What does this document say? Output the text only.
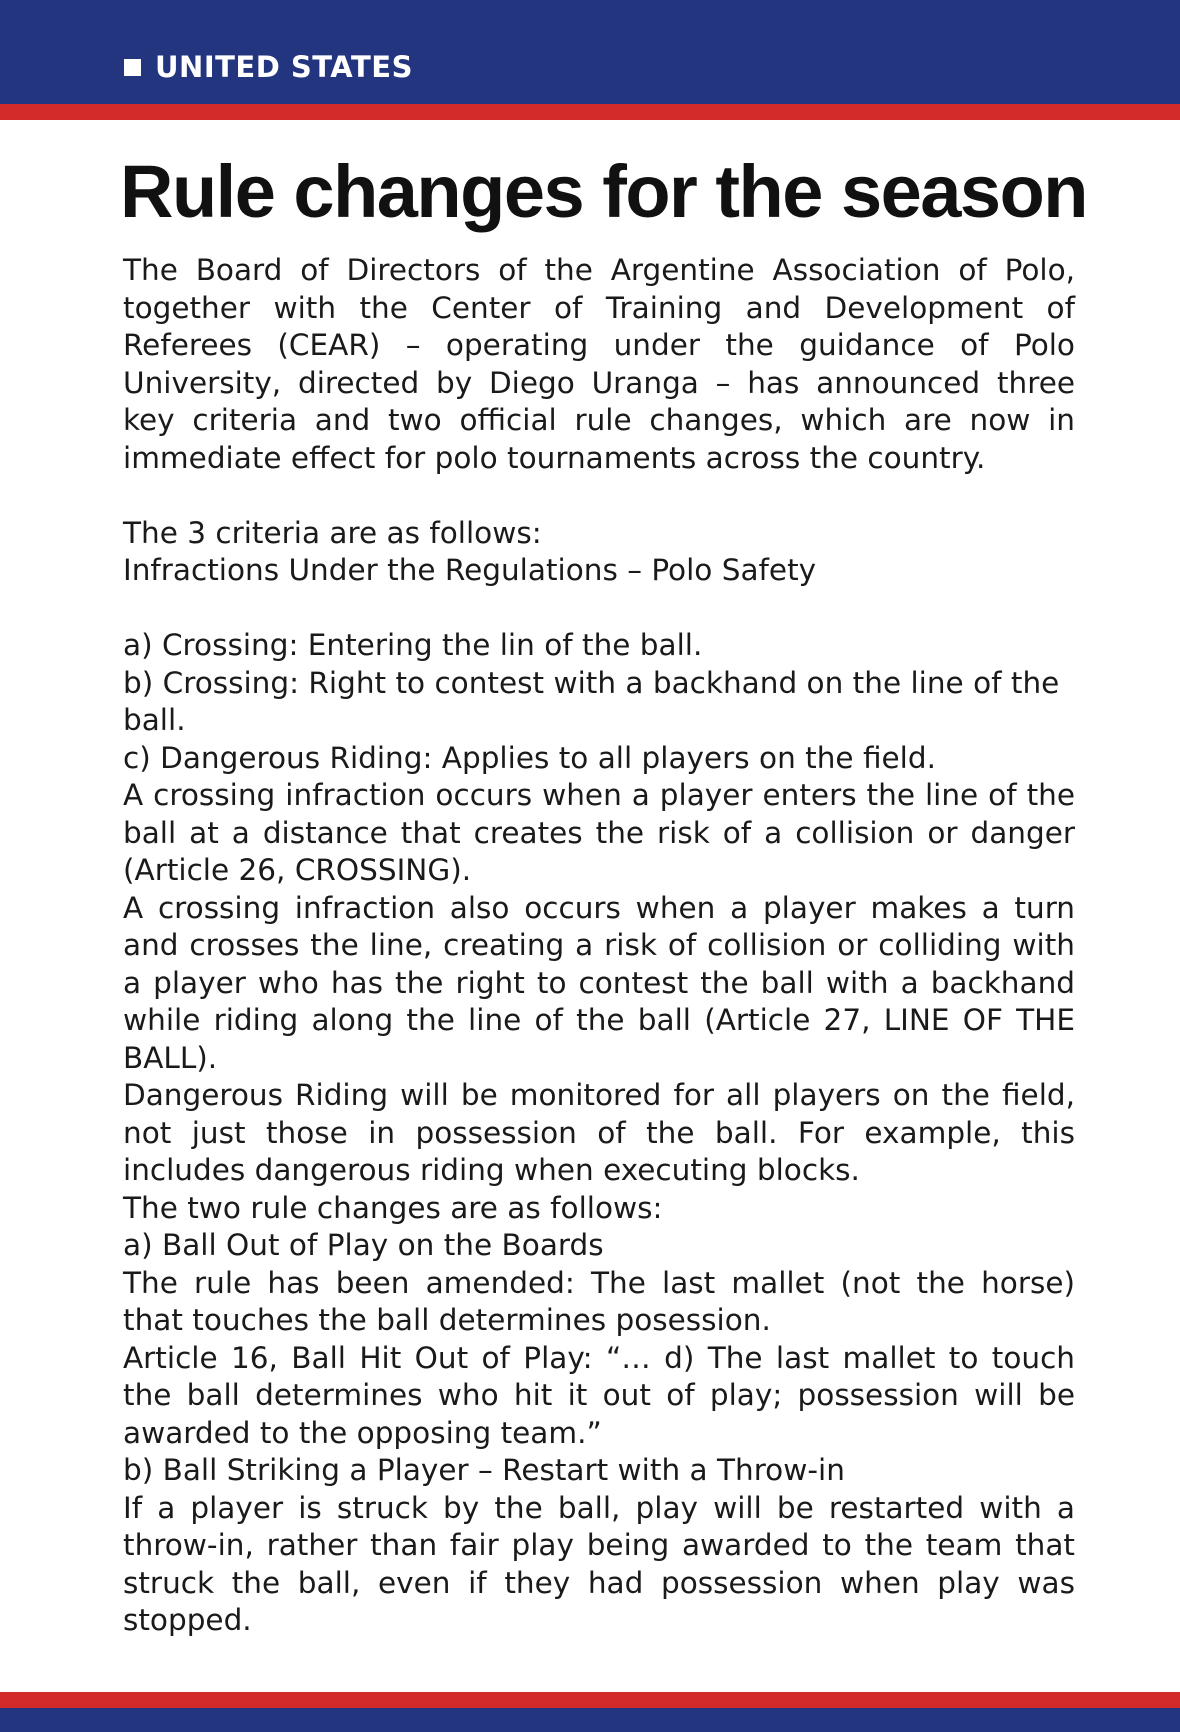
UNITED STATES
Rule changes for the season

The Board of Directors of the Argentine Association of Polo, together with the Center of Training and Development of Referees (CEAR) – operating under the guidance of Polo University, directed by Diego Uranga – has announced three key criteria and two official rule changes, which are now in immediate effect for polo tournaments across the country.

The 3 criteria are as follows:

Infractions Under the Regulations – Polo Safety

a) Crossing: Entering the lin of the ball.

b) Crossing: Right to contest with a backhand on the line of the ball.

c) Dangerous Riding: Applies to all players on the field.

A crossing infraction occurs when a player enters the line of the ball at a distance that creates the risk of a collision or danger (Article 26, CROSSING).

A crossing infraction also occurs when a player makes a turn and crosses the line, creating a risk of collision or colliding with a player who has the right to contest the ball with a backhand while riding along the line of the ball (Article 27, LINE OF THE BALL).

Dangerous Riding will be monitored for all players on the field, not just those in possession of the ball. For example, this includes dangerous riding when executing blocks.

The two rule changes are as follows:

a) Ball Out of Play on the Boards

The rule has been amended: The last mallet (not the horse) that touches the ball determines posession.

Article 16, Ball Hit Out of Play: “… d) The last mallet to touch the ball determines who hit it out of play; possession will be awarded to the opposing team.”

b) Ball Striking a Player – Restart with a Throw-in

If a player is struck by the ball, play will be restarted with a throw-in, rather than fair play being awarded to the team that struck the ball, even if they had possession when play was stopped.
